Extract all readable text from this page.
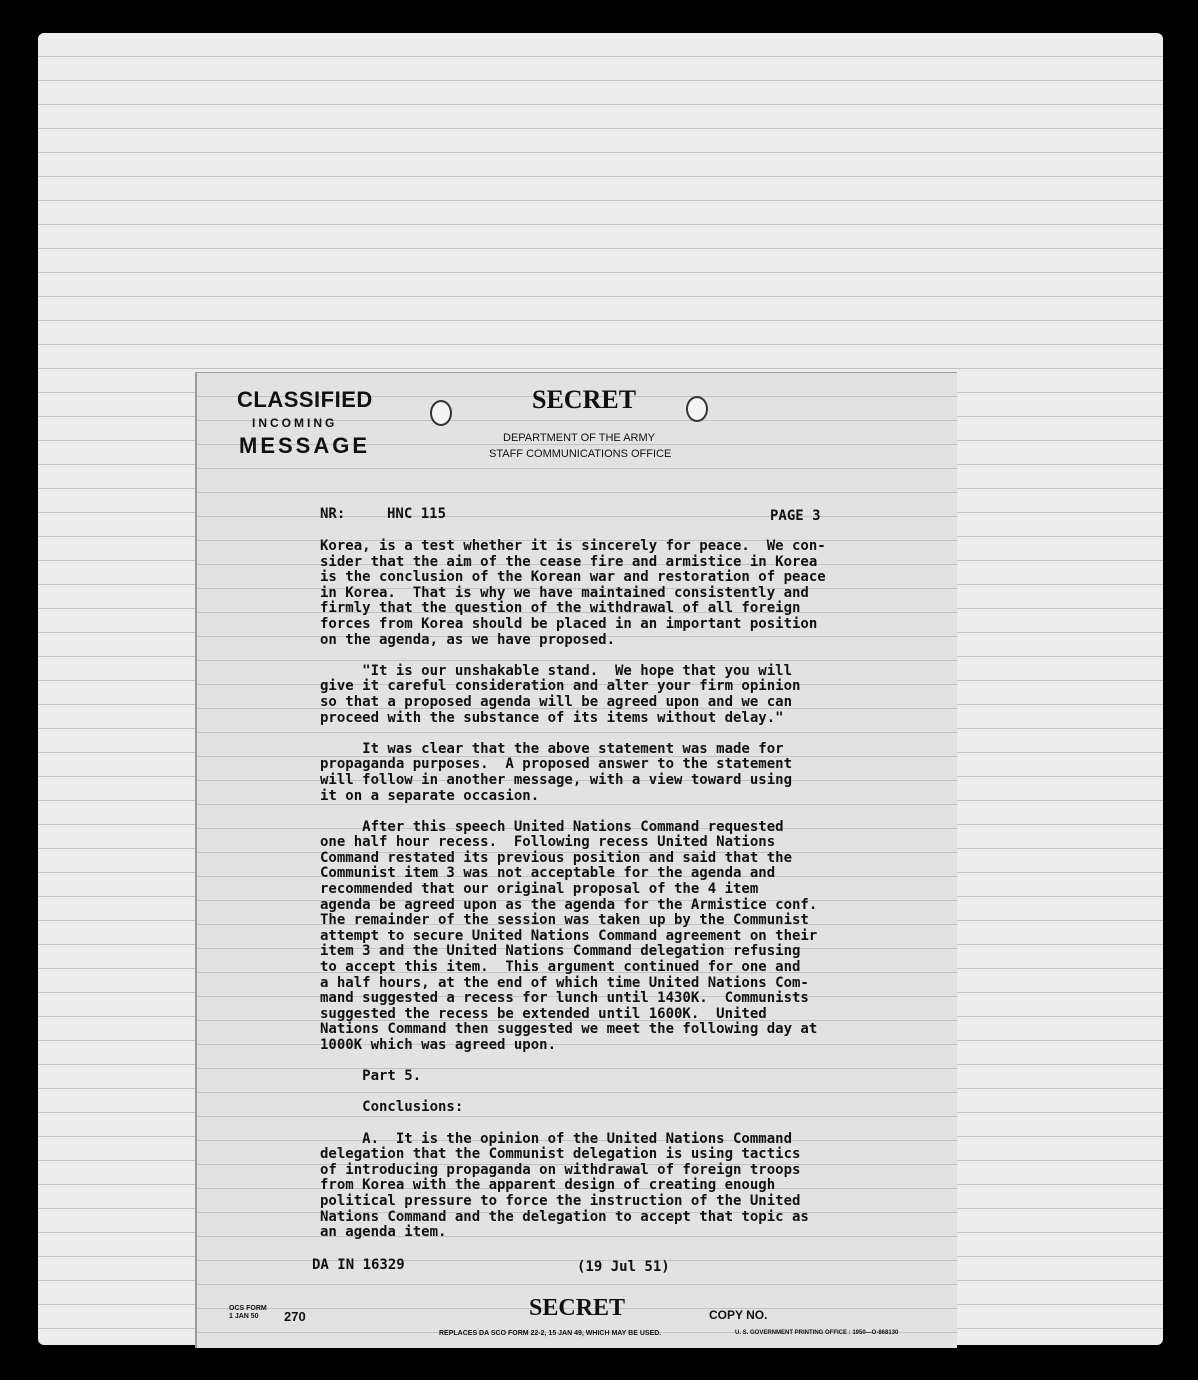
CLASSIFIED

INCOMING

MESSAGE

SECRET

DEPARTMENT OF THE ARMY

STAFF COMMUNICATIONS OFFICE

NR:	HNC 115	PAGE 3

Korea, is a test whether it is sincerely for peace.  We con-
sider that the aim of the cease fire and armistice in Korea
is the conclusion of the Korean war and restoration of peace
in Korea.  That is why we have maintained consistently and
firmly that the question of the withdrawal of all foreign
forces from Korea should be placed in an important position
on the agenda, as we have proposed.

"It is our unshakable stand.  We hope that you will
give it careful consideration and alter your firm opinion
so that a proposed agenda will be agreed upon and we can
proceed with the substance of its items without delay."

It was clear that the above statement was made for
propaganda purposes.  A proposed answer to the statement
will follow in another message, with a view toward using
it on a separate occasion.

After this speech United Nations Command requested
one half hour recess.  Following recess United Nations
Command restated its previous position and said that the
Communist item 3 was not acceptable for the agenda and
recommended that our original proposal of the 4 item
agenda be agreed upon as the agenda for the Armistice conf.
The remainder of the session was taken up by the Communist
attempt to secure United Nations Command agreement on their
item 3 and the United Nations Command delegation refusing
to accept this item.  This argument continued for one and
a half hours, at the end of which time United Nations Com-
mand suggested a recess for lunch until 1430K.  Communists
suggested the recess be extended until 1600K.  United
Nations Command then suggested we meet the following day at
1000K which was agreed upon.

Part 5.

Conclusions:

A.  It is the opinion of the United Nations Command
delegation that the Communist delegation is using tactics
of introducing propaganda on withdrawal of foreign troops
from Korea with the apparent design of creating enough
political pressure to force the instruction of the United
Nations Command and the delegation to accept that topic as
an agenda item.

DA IN 16329	(19 Jul 51)

OCS FORM
1 JAN 50	270	SECRET	COPY NO.

REPLACES DA SCO FORM 22-2, 15 JAN 49, WHICH MAY BE USED.	U. S. GOVERNMENT PRINTING OFFICE : 1950—O-868130
